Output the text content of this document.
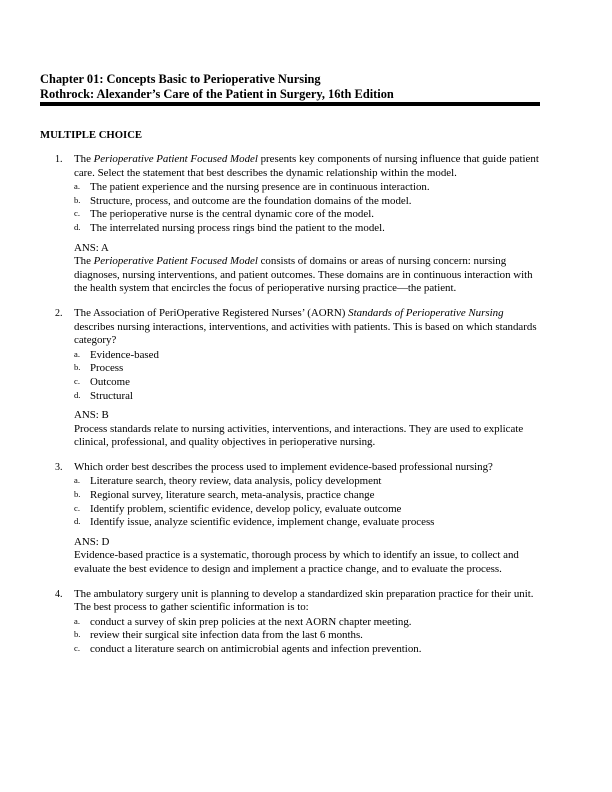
Chapter 01: Concepts Basic to Perioperative Nursing
Rothrock: Alexander’s Care of the Patient in Surgery, 16th Edition
MULTIPLE CHOICE
1. The Perioperative Patient Focused Model presents key components of nursing influence that guide patient care. Select the statement that best describes the dynamic relationship within the model.

a. The patient experience and the nursing presence are in continuous interaction.
b. Structure, process, and outcome are the foundation domains of the model.
c. The perioperative nurse is the central dynamic core of the model.
d. The interrelated nursing process rings bind the patient to the model.
ANS: A

The Perioperative Patient Focused Model consists of domains or areas of nursing concern: nursing diagnoses, nursing interventions, and patient outcomes. These domains are in continuous interaction with the health system that encircles the focus of perioperative nursing practice—the patient.

2. The Association of PeriOperative Registered Nurses’ (AORN) Standards of Perioperative Nursing describes nursing interactions, interventions, and activities with patients. This is based on which standards category?

a. Evidence-based
b. Process
c. Outcome
d. Structural
ANS: B

Process standards relate to nursing activities, interventions, and interactions. They are used to explicate clinical, professional, and quality objectives in perioperative nursing.

3. Which order best describes the process used to implement evidence-based professional nursing?

a. Literature search, theory review, data analysis, policy development
b. Regional survey, literature search, meta-analysis, practice change
c. Identify problem, scientific evidence, develop policy, evaluate outcome
d. Identify issue, analyze scientific evidence, implement change, evaluate process
ANS: D

Evidence-based practice is a systematic, thorough process by which to identify an issue, to collect and evaluate the best evidence to design and implement a practice change, and to evaluate the process.

4. The ambulatory surgery unit is planning to develop a standardized skin preparation practice for their unit. The best process to gather scientific information is to:

a. conduct a survey of skin prep policies at the next AORN chapter meeting.
b. review their surgical site infection data from the last 6 months.
c. conduct a literature search on antimicrobial agents and infection prevention.
